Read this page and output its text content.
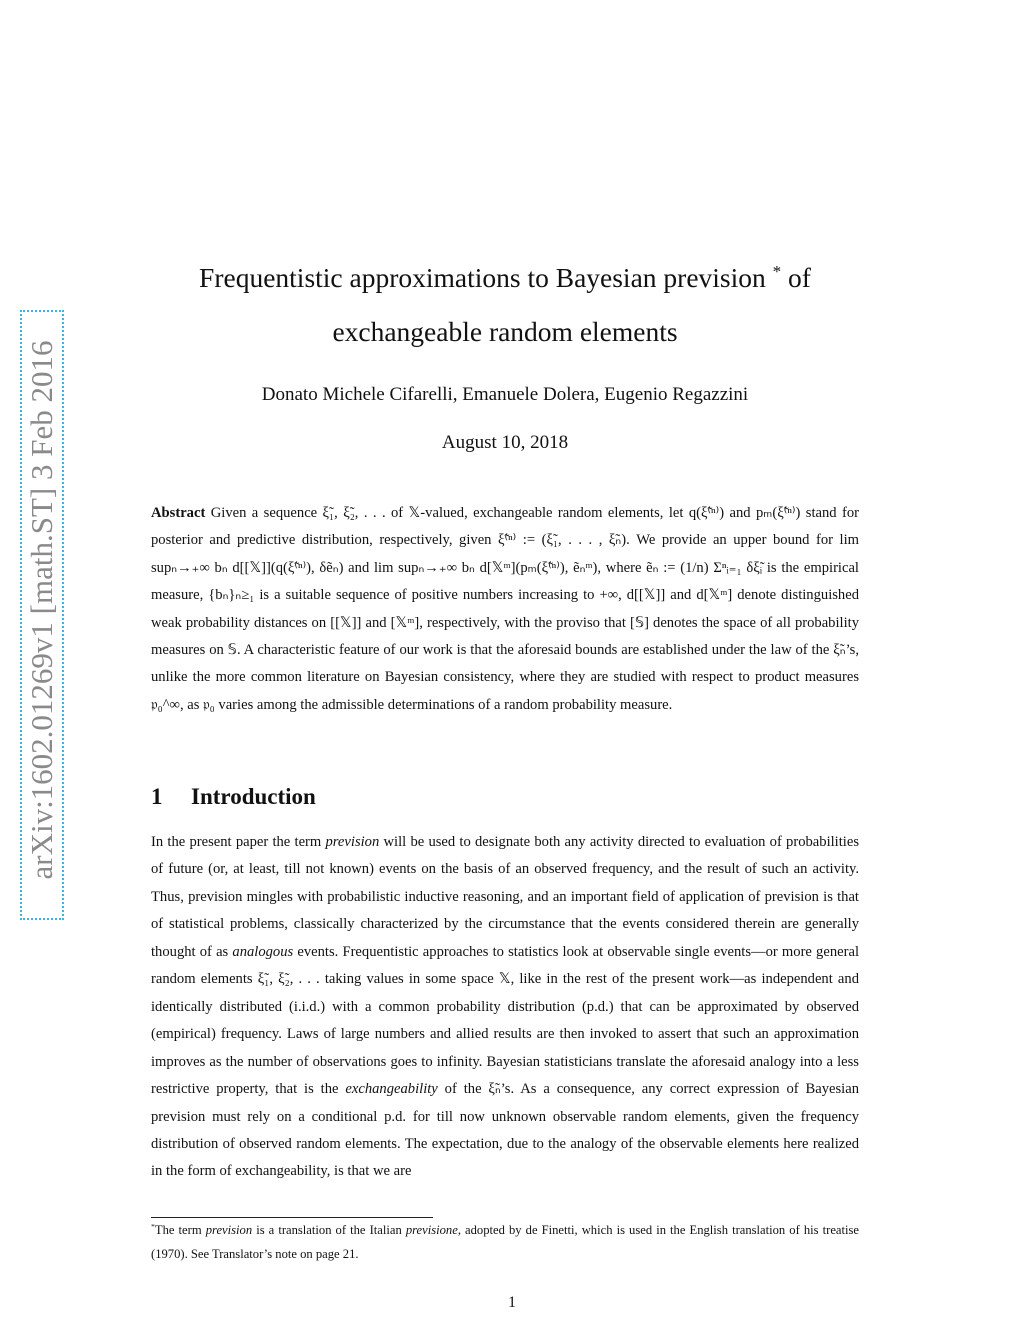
arXiv:1602.01269v1 [math.ST] 3 Feb 2016
Frequentistic approximations to Bayesian prevision * of
exchangeable random elements
Donato Michele Cifarelli, Emanuele Dolera, Eugenio Regazzini
August 10, 2018
Abstract Given a sequence ξ̃₁, ξ̃₂, . . . of 𝕏-valued, exchangeable random elements, let q(ξ̃⁽ⁿ⁾) and pₘ(ξ̃⁽ⁿ⁾) stand for posterior and predictive distribution, respectively, given ξ̃⁽ⁿ⁾ := (ξ̃₁, . . . , ξ̃ₙ). We provide an upper bound for lim supₙ→₊∞ bₙ d[[𝕏]](q(ξ̃⁽ⁿ⁾), δẽₙ) and lim supₙ→₊∞ bₙ d[𝕏ᵐ](pₘ(ξ̃⁽ⁿ⁾), ẽₙᵐ), where ẽₙ := (1/n) Σⁿᵢ₌₁ δξ̃ᵢ is the empirical measure, {bₙ}ₙ≥₁ is a suitable sequence of positive numbers increasing to +∞, d[[𝕏]] and d[𝕏ᵐ] denote distinguished weak probability distances on [[𝕏]] and [𝕏ᵐ], respectively, with the proviso that [𝕊] denotes the space of all probability measures on 𝕊. A characteristic feature of our work is that the aforesaid bounds are established under the law of the ξ̃ₙ’s, unlike the more common literature on Bayesian consistency, where they are studied with respect to product measures 𝔭₀^∞, as 𝔭₀ varies among the admissible determinations of a random probability measure.
1 Introduction
In the present paper the term prevision will be used to designate both any activity directed to evaluation of probabilities of future (or, at least, till not known) events on the basis of an observed frequency, and the result of such an activity. Thus, prevision mingles with probabilistic inductive reasoning, and an important field of application of prevision is that of statistical problems, classically characterized by the circumstance that the events considered therein are generally thought of as analogous events. Frequentistic approaches to statistics look at observable single events—or more general random elements ξ̃₁, ξ̃₂, . . . taking values in some space 𝕏, like in the rest of the present work—as independent and identically distributed (i.i.d.) with a common probability distribution (p.d.) that can be approximated by observed (empirical) frequency. Laws of large numbers and allied results are then invoked to assert that such an approximation improves as the number of observations goes to infinity. Bayesian statisticians translate the aforesaid analogy into a less restrictive property, that is the exchangeability of the ξ̃ₙ’s. As a consequence, any correct expression of Bayesian prevision must rely on a conditional p.d. for till now unknown observable random elements, given the frequency distribution of observed random elements. The expectation, due to the analogy of the observable elements here realized in the form of exchangeability, is that we are
*The term prevision is a translation of the Italian previsione, adopted by de Finetti, which is used in the English translation of his treatise (1970). See Translator’s note on page 21.
1
